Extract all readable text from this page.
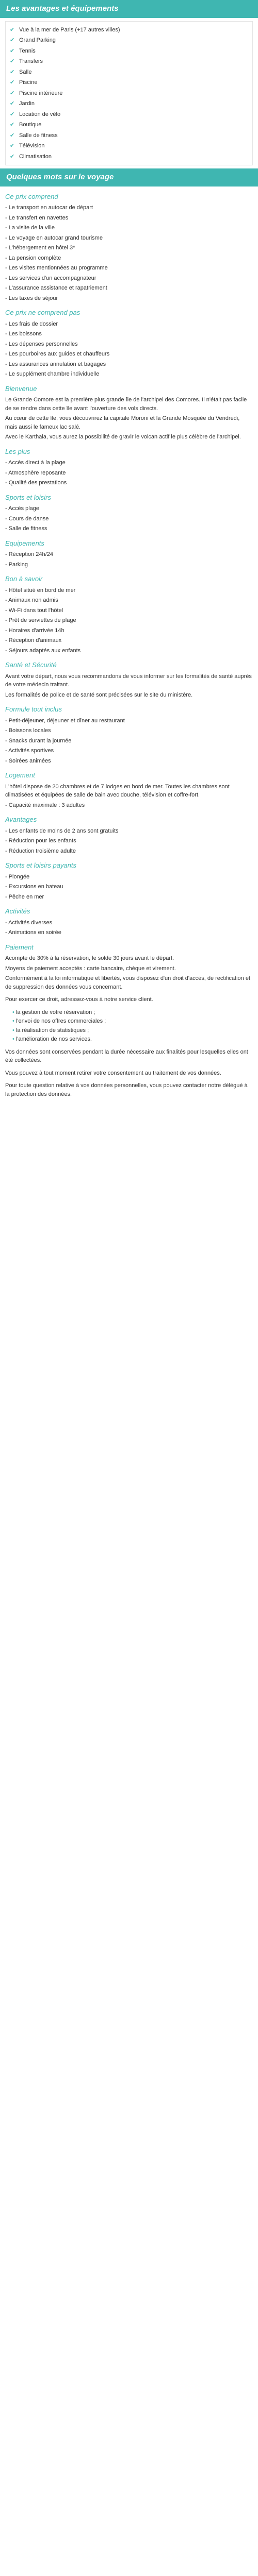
Les avantages et équipements
✔ Vue à la mer de Paris (+17 autres villes)
✔ Grand Parking
✔ Tennis
✔ Transfers
✔ Salle
✔ Piscine
✔ Piscine intérieure
✔ Jardin
✔ Location de vélo
✔ Boutique
✔ Salle de fitness
✔ Télévision
✔ Climatisation
Quelques mots sur le voyage
Ce prix comprend

- Le transport en autocar de départ

- Le transfert en navettes

- La visite de la ville

- Le voyage en autocar grand tourisme

- L'hébergement en hôtel 3*

- La pension complète

- Les visites mentionnées au programme

- Les services d'un accompagnateur

- L'assurance assistance et rapatriement

- Les taxes de séjour

Ce prix ne comprend pas

- Les frais de dossier

- Les boissons

- Les dépenses personnelles

- Les pourboires aux guides et chauffeurs

- Les assurances annulation et bagages

- Le supplément chambre individuelle

Bienvenue

Le Grande Comore est la première plus grande île de l'archipel des Comores. Il n'était pas facile de se rendre dans cette île avant l'ouverture des vols directs.

Au cœur de cette île, vous découvrirez la capitale Moroni et la Grande Mosquée du Vendredi, mais aussi le fameux lac salé.

Avec le Karthala, vous aurez la possibilité de gravir le volcan actif le plus célèbre de l'archipel.

Les plus

- Accès direct à la plage

- Atmosphère reposante

- Qualité des prestations

Sports et loisirs

- Accès plage

- Cours de danse

- Salle de fitness

Equipements

- Réception 24h/24

- Parking

Bon à savoir

- Hôtel situé en bord de mer

- Animaux non admis

- Wi-Fi dans tout l'hôtel

- Prêt de serviettes de plage

- Horaires d'arrivée 14h

- Réception d'animaux

- Séjours adaptés aux enfants

Santé et Sécurité

Avant votre départ, nous vous recommandons de vous informer sur les formalités de santé auprès de votre médecin traitant.

Les formalités de police et de santé sont précisées sur le site du ministère.

Formule tout inclus

- Petit-déjeuner, déjeuner et dîner au restaurant

- Boissons locales

- Snacks durant la journée

- Activités sportives

- Soirées animées

Logement

L'hôtel dispose de 20 chambres et de 7 lodges en bord de mer. Toutes les chambres sont climatisées et équipées de salle de bain avec douche, télévision et coffre-fort.

- Capacité maximale : 3 adultes

Avantages

- Les enfants de moins de 2 ans sont gratuits

- Réduction pour les enfants

- Réduction troisième adulte

Sports et loisirs payants

- Plongée

- Excursions en bateau

- Pêche en mer

Activités

- Activités diverses

- Animations en soirée

Paiement

Acompte de 30% à la réservation, le solde 30 jours avant le départ.

Moyens de paiement acceptés : carte bancaire, chèque et virement.

Conformément à la loi informatique et libertés, vous disposez d'un droit d'accès, de rectification et de suppression des données vous concernant.

Pour exercer ce droit, adressez-vous à notre service client.

• la gestion de votre réservation ;
• l'envoi de nos offres commerciales ;
• la réalisation de statistiques ;
• l'amélioration de nos services.

Vos données sont conservées pendant la durée nécessaire aux finalités pour lesquelles elles ont été collectées.

Vous pouvez à tout moment retirer votre consentement au traitement de vos données.

Pour toute question relative à vos données personnelles, vous pouvez contacter notre délégué à la protection des données.
